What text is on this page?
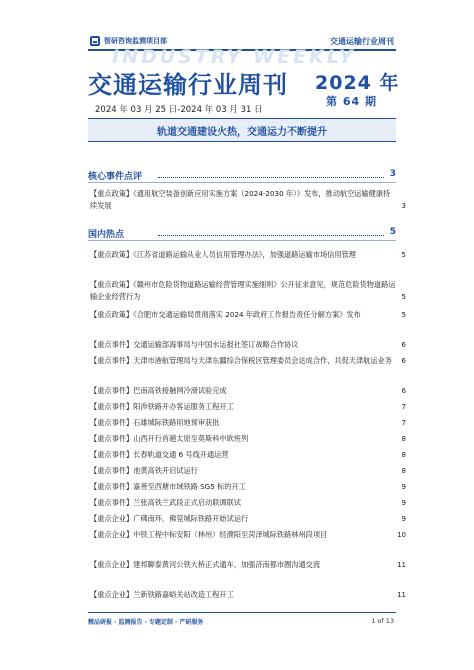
智研咨询监测项目部	交通运输行业周刊
INDUSTRY WEEKLY
交通运输行业周刊 2024 年
第 64 期
2024 年 03 月 25 日-2024 年 03 月 31 日
轨道交通建设火热，交通运力不断提升
核心事件点评	3
【重点政策】《通用航空装备创新应用实施方案（2024-2030 年）》发布，推动航空运输健康持续发展	3
国内热点	5
【重点政策】《江苏省道路运输从业人员信用管理办法》，加强道路运输市场信用管理	5
【重点政策】《赣州市危险货物道路运输经营管理实施细则》公开征求意见，规范危险货物道路运输企业经营行为	5
【重点政策】《合肥市交通运输局贯彻落实 2024 年政府工作报告责任分解方案》发布	5
【重点事件】交通运输部海事局与中国水运报社签订战略合作协议	6
【重点事件】天津市港航管理局与天津东疆综合保税区管理委员会达成合作，共促天津航运业务	6
【重点事件】巴南高铁接触网冷滑试验完成	6
【重点事件】阳涉铁路开办客运服务工程开工	7
【重点事件】石雄城际铁路用地预审获批	7
【重点事件】山西开行首趟太原至莫斯科中欧班列	8
【重点事件】长春轨道交通 6 号线开通运营	8
【重点事件】池黄高铁开启试运行	8
【重点事件】嘉善至西塘市域铁路 SG5 标的开工	9
【重点事件】兰张高铁兰武段正式启动联调联试	9
【重点企业】广佛南环、佛莞城际铁路开始试运行	9
【重点企业】中铁工程中标安阳（林州）经濮阳至菏泽城际铁路林州段项目	10
【重点企业】建邦聊泰黄河公铁大桥正式通车，加强济南都市圈沟通交流	11
【重点企业】兰新铁路嘉峪关站改造工程开工	11
精品研报 · 监测报告 · 专题定制 · 产研服务	1 of 13
